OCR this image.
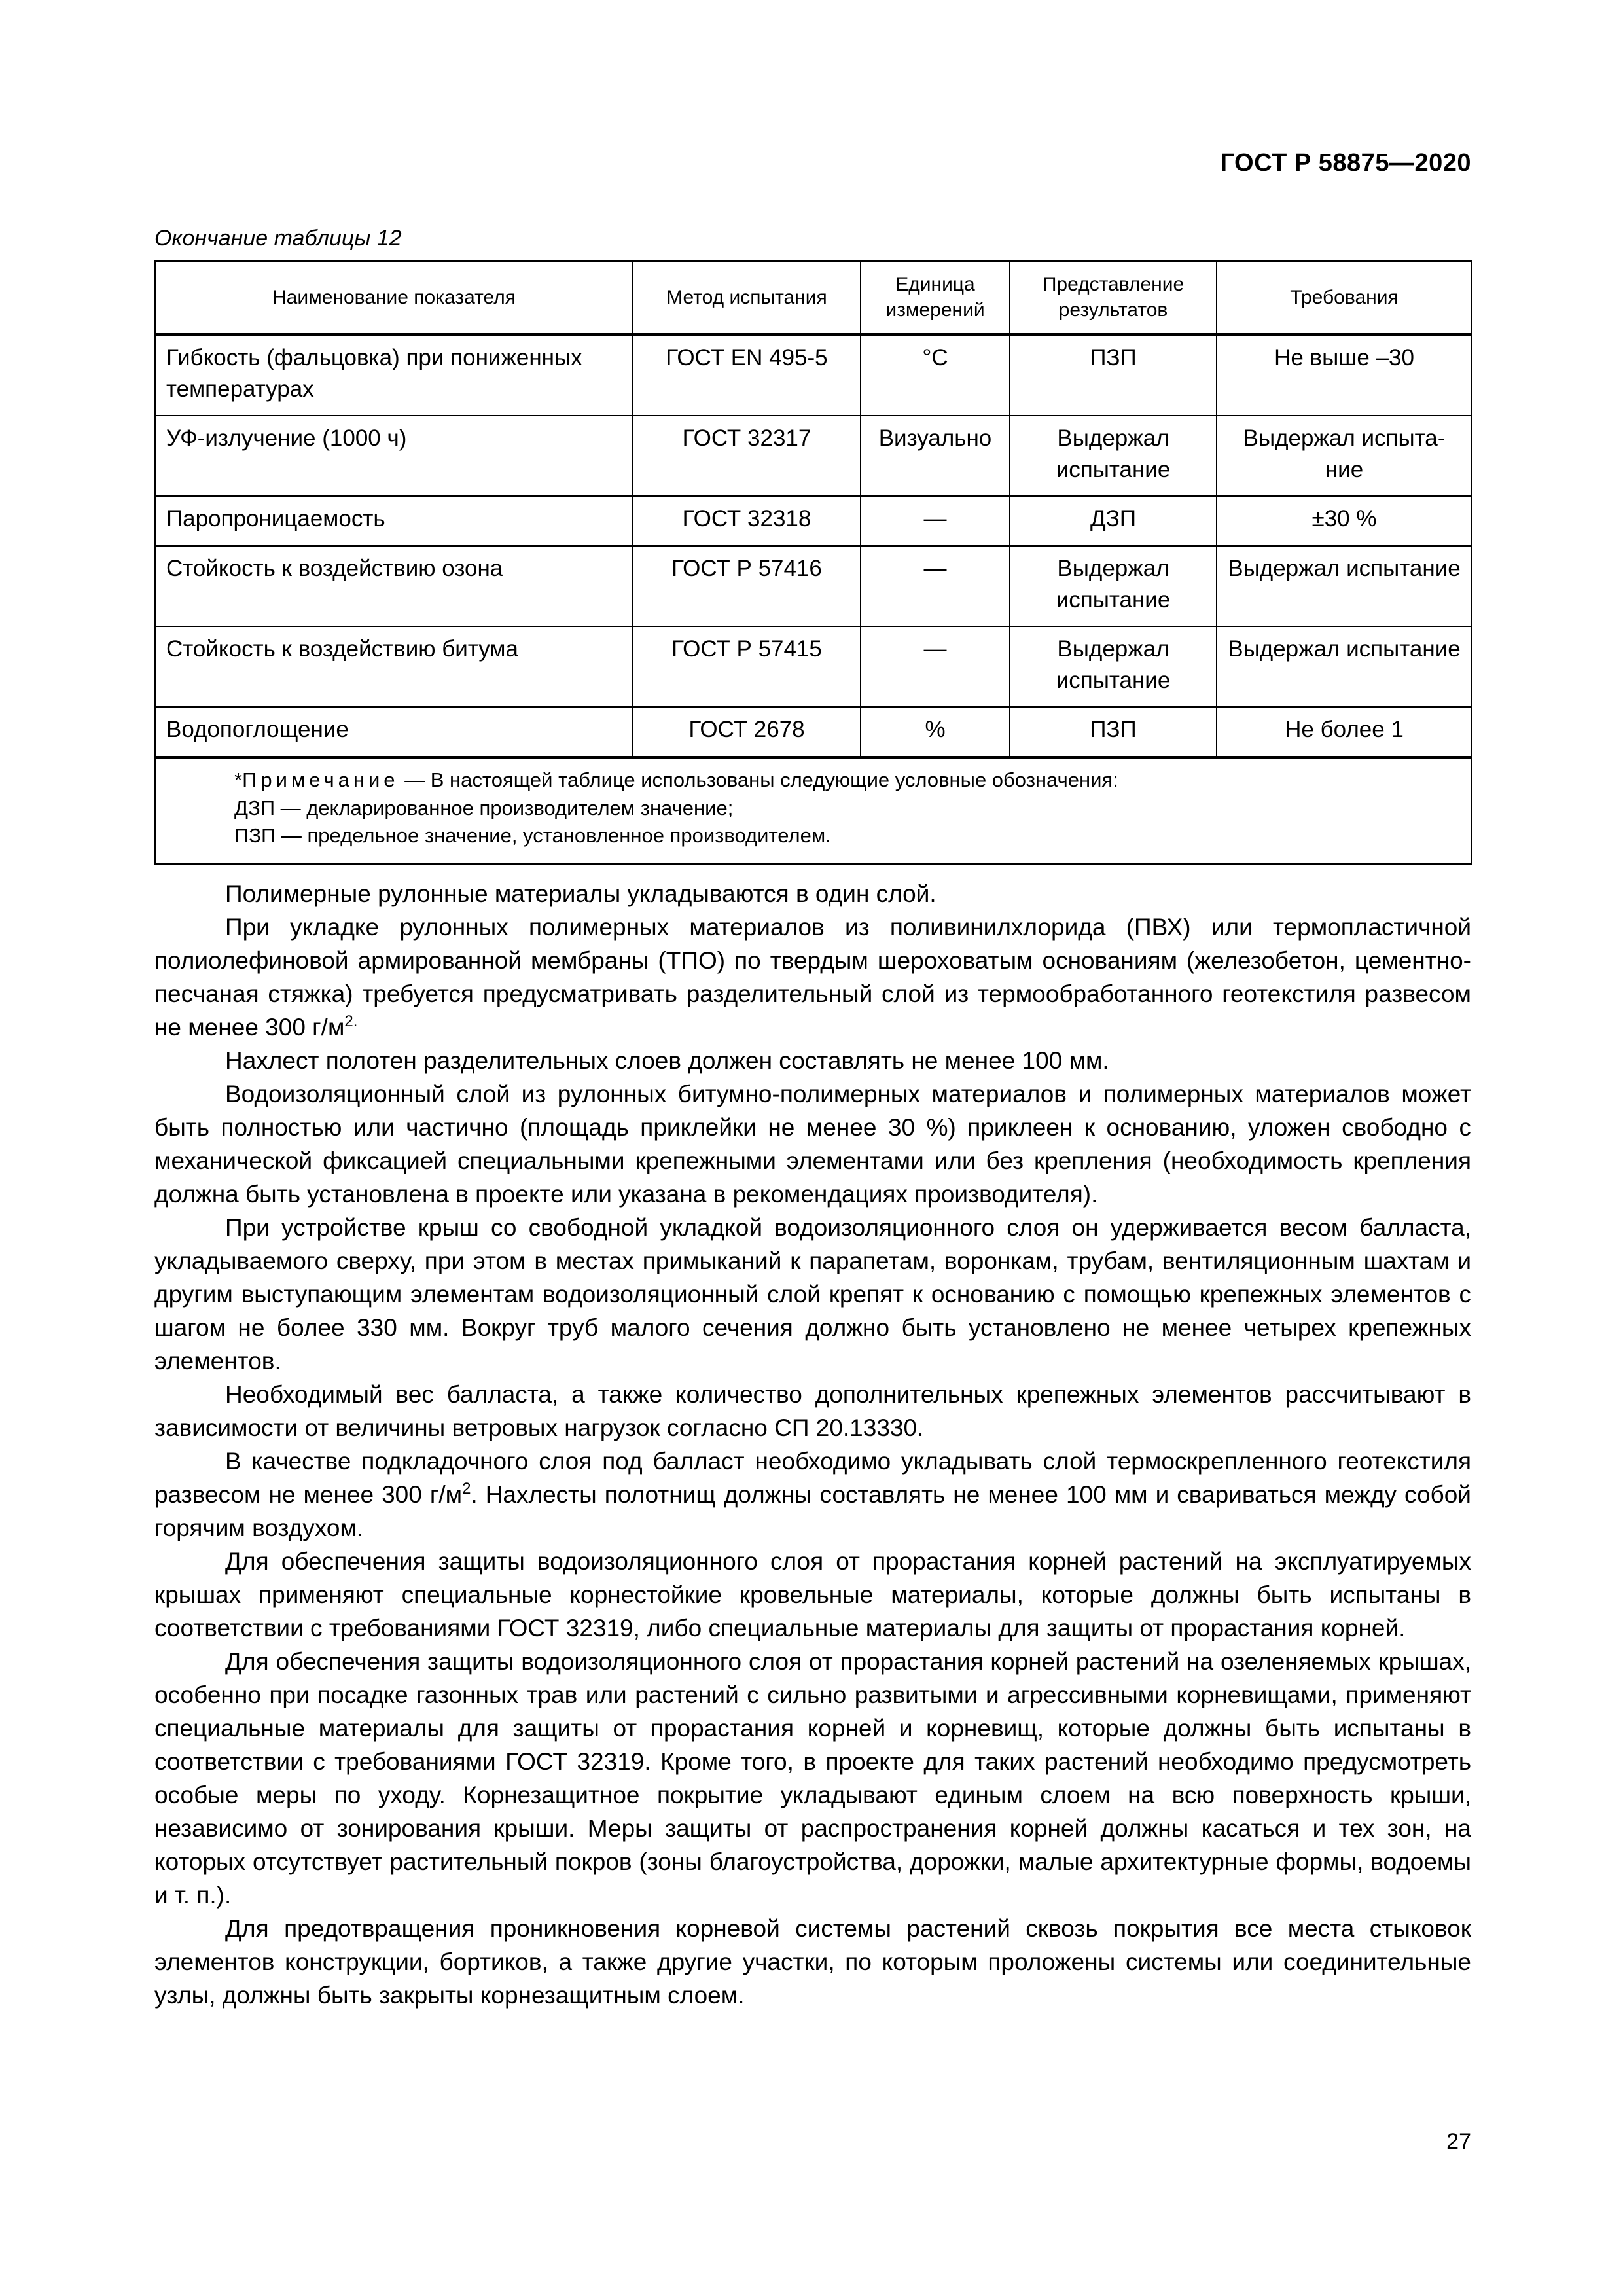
ГОСТ Р 58875—2020
Окончание таблицы 12
Наименование показателя	Метод испытания	Единица измерений	Представление результатов	Требования
Гибкость (фальцовка) при пониженных температурах	ГОСТ EN 495-5	°С	ПЗП	Не выше –30
УФ-излучение (1000 ч)	ГОСТ 32317	Визуально	Выдержал испытание	Выдержал испыта-ние
Паропроницаемость	ГОСТ 32318	—	ДЗП	±30 %
Стойкость к воздействию озона	ГОСТ Р 57416	—	Выдержал испытание	Выдержал испытание
Стойкость к воздействию битума	ГОСТ Р 57415	—	Выдержал испытание	Выдержал испытание
Водопоглощение	ГОСТ 2678	%	ПЗП	Не более 1

*Примечание — В настоящей таблице использованы следующие условные обозначения:
ДЗП — декларированное производителем значение;
ПЗП — предельное значение, установленное производителем.				

Полимерные рулонные материалы укладываются в один слой.

При укладке рулонных полимерных материалов из поливинилхлорида (ПВХ) или термопластичной полиолефиновой армированной мембраны (ТПО) по твердым шероховатым основаниям (железобетон, цементно-песчаная стяжка) требуется предусматривать разделительный слой из термообработанного геотекстиля развесом не менее 300 $г/м^{2.}$

Нахлест полотен разделительных слоев должен составлять не менее 100 мм.

Водоизоляционный слой из рулонных битумно-полимерных материалов и полимерных материалов может быть полностью или частично (площадь приклейки не менее 30 %) приклеен к основанию, уложен свободно с механической фиксацией специальными крепежными элементами или без крепления (необходимость крепления должна быть установлена в проекте или указана в рекомендациях производителя).

При устройстве крыш со свободной укладкой водоизоляционного слоя он удерживается весом балласта, укладываемого сверху, при этом в местах примыканий к парапетам, воронкам, трубам, вентиляционным шахтам и другим выступающим элементам водоизоляционный слой крепят к основанию с помощью крепежных элементов с шагом не более 330 мм. Вокруг труб малого сечения должно быть установлено не менее четырех крепежных элементов.

Необходимый вес балласта, а также количество дополнительных крепежных элементов рассчитывают в зависимости от величины ветровых нагрузок согласно СП 20.13330.

В качестве подкладочного слоя под балласт необходимо укладывать слой термоскрепленного геотекстиля развесом не менее 300 $г/м^2$. Нахлесты полотнищ должны составлять не менее 100 мм и свариваться между собой горячим воздухом.

Для обеспечения защиты водоизоляционного слоя от прорастания корней растений на эксплуатируемых крышах применяют специальные корнестойкие кровельные материалы, которые должны быть испытаны в соответствии с требованиями ГОСТ 32319, либо специальные материалы для защиты от прорастания корней.

Для обеспечения защиты водоизоляционного слоя от прорастания корней растений на озеленяемых крышах, особенно при посадке газонных трав или растений с сильно развитыми и агрессивными корневищами, применяют специальные материалы для защиты от прорастания корней и корневищ, которые должны быть испытаны в соответствии с требованиями ГОСТ 32319. Кроме того, в проекте для таких растений необходимо предусмотреть особые меры по уходу. Корнезащитное покрытие укладывают единым слоем на всю поверхность крыши, независимо от зонирования крыши. Меры защиты от распространения корней должны касаться и тех зон, на которых отсутствует растительный покров (зоны благоустройства, дорожки, малые архитектурные формы, водоемы и т. п.).

Для предотвращения проникновения корневой системы растений сквозь покрытия все места стыковок элементов конструкции, бортиков, а также другие участки, по которым проложены системы или соединительные узлы, должны быть закрыты корнезащитным слоем.

27
